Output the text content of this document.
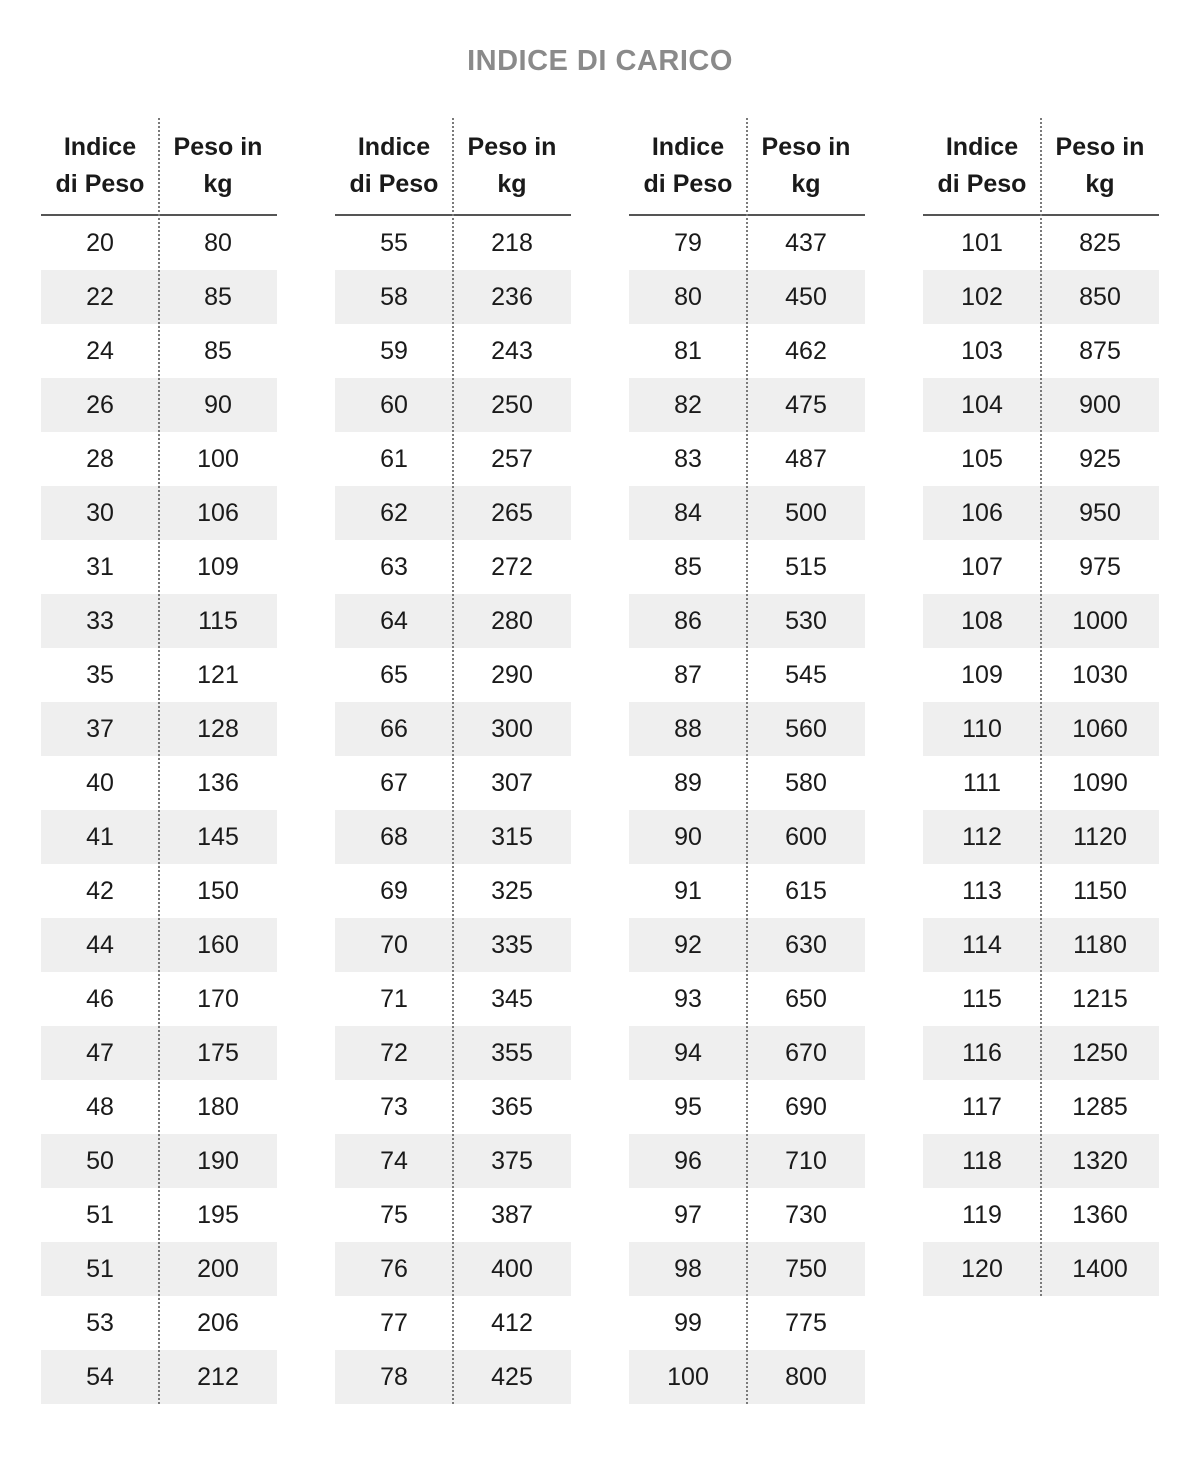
INDICE DI CARICO
Indice
di Peso
Peso in
kg
20	80
22	85
24	85
26	90
28	100
30	106
31	109
33	115
35	121
37	128
40	136
41	145
42	150
44	160
46	170
47	175
48	180
50	190
51	195
51	200
53	206
54	212
Indice
di Peso
Peso in
kg
55	218
58	236
59	243
60	250
61	257
62	265
63	272
64	280
65	290
66	300
67	307
68	315
69	325
70	335
71	345
72	355
73	365
74	375
75	387
76	400
77	412
78	425
Indice
di Peso
Peso in
kg
79	437
80	450
81	462
82	475
83	487
84	500
85	515
86	530
87	545
88	560
89	580
90	600
91	615
92	630
93	650
94	670
95	690
96	710
97	730
98	750
99	775
100	800
Indice
di Peso
Peso in
kg
101	825
102	850
103	875
104	900
105	925
106	950
107	975
108	1000
109	1030
110	1060
111	1090
112	1120
113	1150
114	1180
115	1215
116	1250
117	1285
118	1320
119	1360
120	1400
